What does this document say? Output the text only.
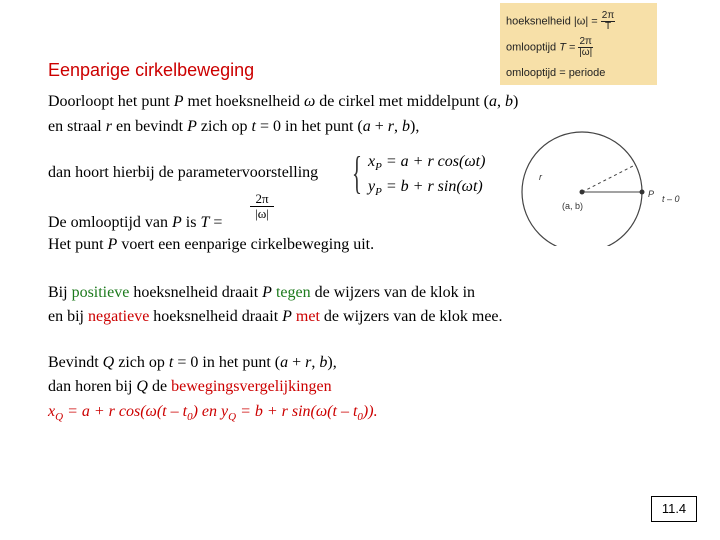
Eenparige cirkelbeweging
hoeksnelheid $|\omega| = \frac{2\pi}{T}$
omlooptijd $T = \frac{2\pi}{|\omega|}$
omlooptijd = periode
Doorloopt het punt P met hoeksnelheid ω de cirkel met middelpunt (a, b)
en straal r en bevindt P zich op t = 0 in het punt (a + r, b),
dan hoort hierbij de parametervoorstelling { $x_P = a + r$ cos(ωt)
$y_P = b + r$ sin(ωt)
(a, b)
r
P t – 0
De omlooptijd van P is T =
$\frac{2\pi}{|\omega|}$
Het punt P voert een eenparige cirkelbeweging uit.
Bij positieve hoeksnelheid draait P tegen de wijzers van de klok in
en bij negatieve hoeksnelheid draait P met de wijzers van de klok mee.
Bevindt Q zich op t = 0 in het punt (a + r, b),
dan horen bij Q de bewegingsvergelijkingen
$x_Q = a + r$ $\cos(\omega(t - t_0)$ en $y_Q = b + r$ $\sin(\omega(t - t_0))$.
11.4
